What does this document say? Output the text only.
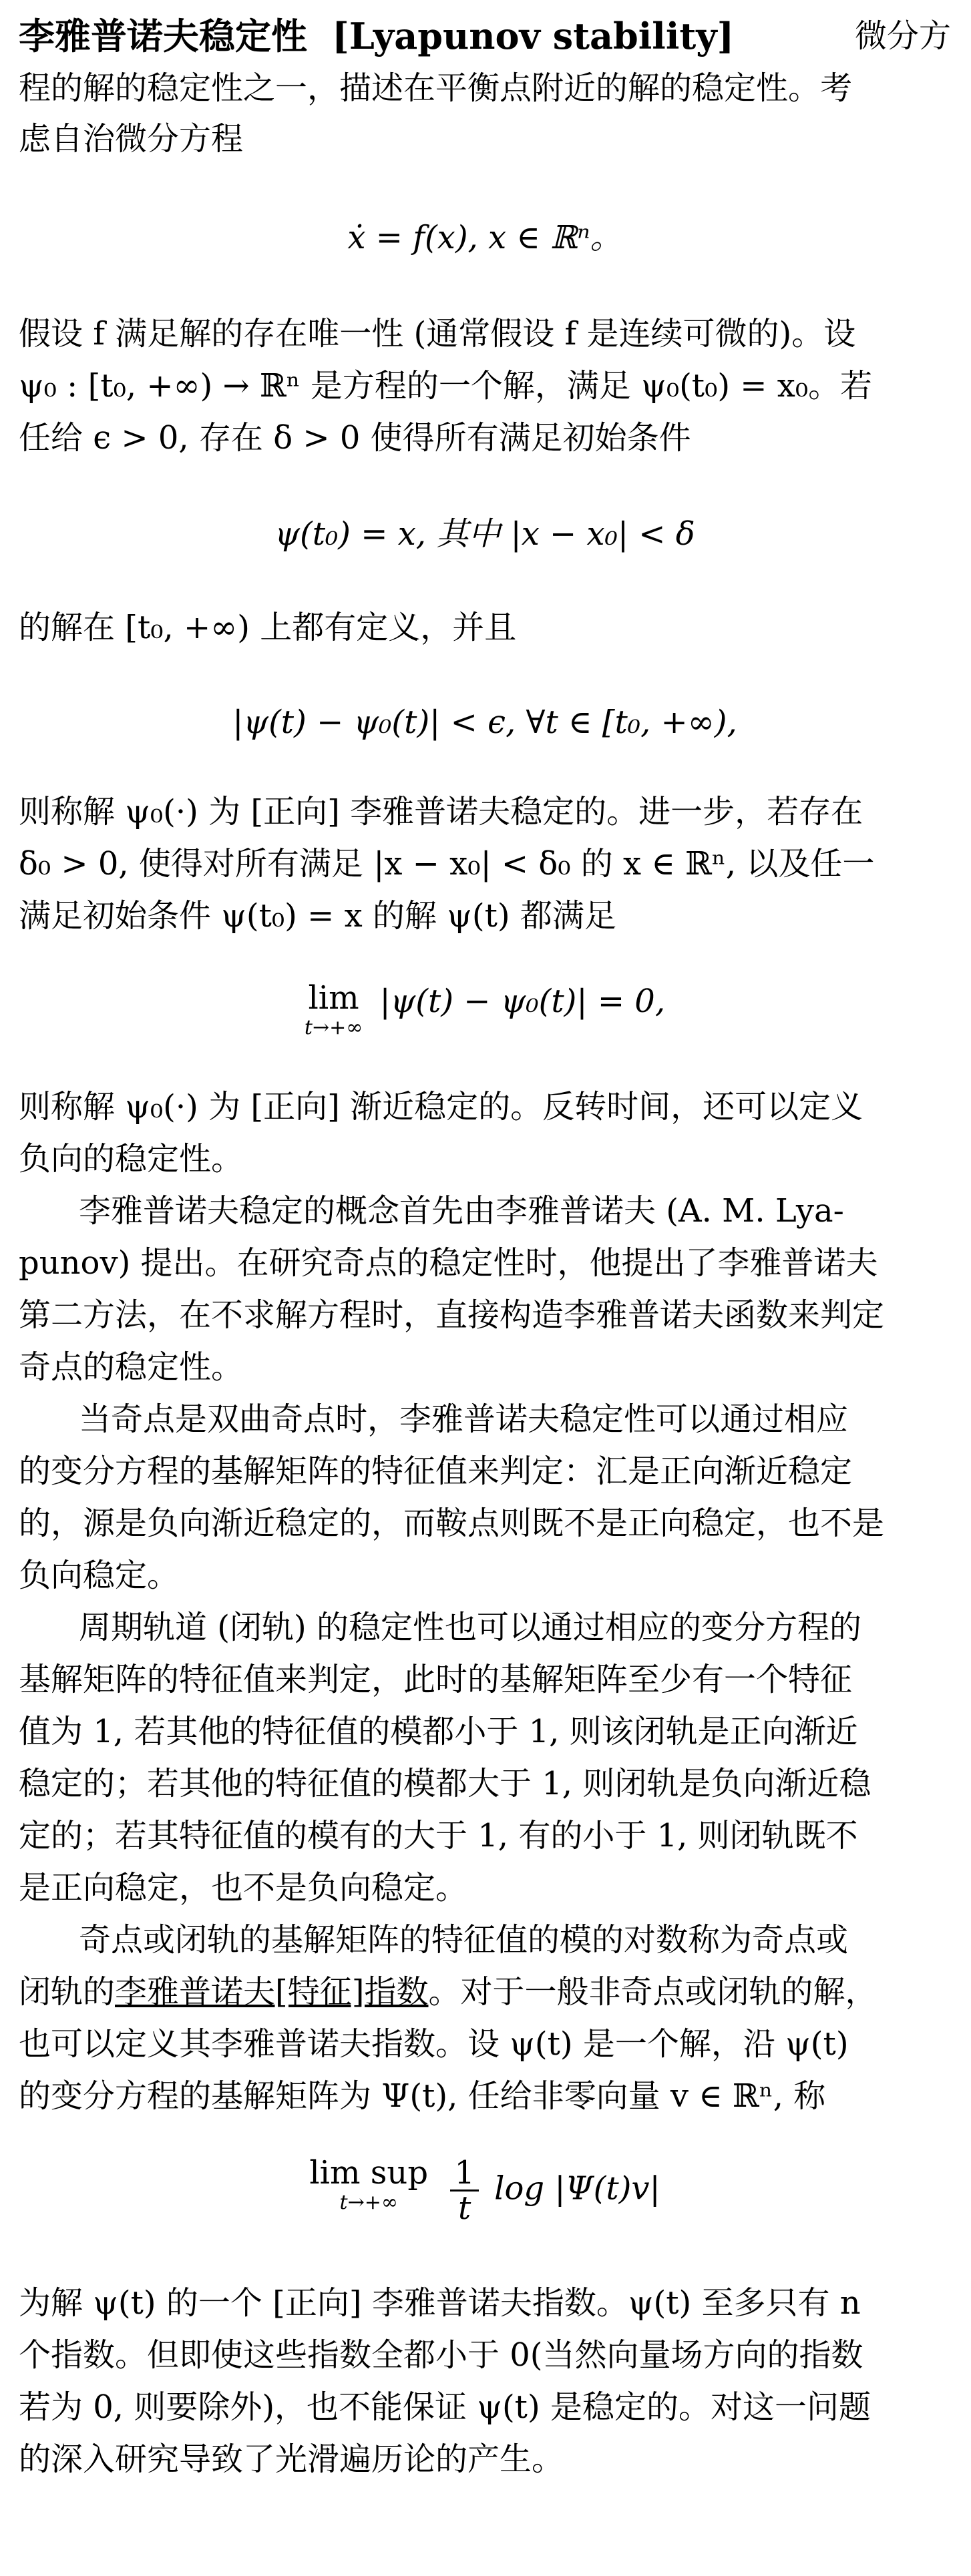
李雅普诺夫稳定性 [Lyapunov stability]	微分方
程的解的稳定性之一，描述在平衡点附近的解的稳定性。考
虑自治微分方程
ẋ = f(x), x ∈ ℝⁿ。
假设 f 满足解的存在唯一性 (通常假设 f 是连续可微的)。设
ψ₀ : [t₀, +∞) → ℝⁿ 是方程的一个解，满足 ψ₀(t₀) = x₀。若
任给 ϵ > 0, 存在 δ > 0 使得所有满足初始条件
ψ(t₀) = x, 其中 |x − x₀| < δ
的解在 [t₀, +∞) 上都有定义，并且
|ψ(t) − ψ₀(t)| < ϵ, ∀t ∈ [t₀, +∞),
则称解 ψ₀(·) 为 [正向] 李雅普诺夫稳定的。进一步，若存在
δ₀ > 0, 使得对所有满足 |x − x₀| < δ₀ 的 x ∈ ℝⁿ, 以及任一
满足初始条件 ψ(t₀) = x 的解 ψ(t) 都满足
lim
t→+∞
|ψ(t) − ψ₀(t)| = 0,
则称解 ψ₀(·) 为 [正向] 渐近稳定的。反转时间，还可以定义
负向的稳定性。
李雅普诺夫稳定的概念首先由李雅普诺夫 (A. M. Lya-
punov) 提出。在研究奇点的稳定性时，他提出了李雅普诺夫
第二方法，在不求解方程时，直接构造李雅普诺夫函数来判定
奇点的稳定性。
当奇点是双曲奇点时，李雅普诺夫稳定性可以通过相应
的变分方程的基解矩阵的特征值来判定：汇是正向渐近稳定
的，源是负向渐近稳定的，而鞍点则既不是正向稳定，也不是
负向稳定。
周期轨道 (闭轨) 的稳定性也可以通过相应的变分方程的
基解矩阵的特征值来判定，此时的基解矩阵至少有一个特征
值为 1, 若其他的特征值的模都小于 1, 则该闭轨是正向渐近
稳定的；若其他的特征值的模都大于 1, 则闭轨是负向渐近稳
定的；若其特征值的模有的大于 1, 有的小于 1, 则闭轨既不
是正向稳定，也不是负向稳定。
奇点或闭轨的基解矩阵的特征值的模的对数称为奇点或
闭轨的李雅普诺夫[特征]指数。对于一般非奇点或闭轨的解，
也可以定义其李雅普诺夫指数。设 ψ(t) 是一个解，沿 ψ(t)
的变分方程的基解矩阵为 Ψ(t), 任给非零向量 v ∈ ℝⁿ, 称
lim sup
t→+∞
$\frac{1}{t}$ log |Ψ(t)v|
为解 ψ(t) 的一个 [正向] 李雅普诺夫指数。ψ(t) 至多只有 n
个指数。但即使这些指数全都小于 0(当然向量场方向的指数
若为 0, 则要除外)，也不能保证 ψ(t) 是稳定的。对这一问题
的深入研究导致了光滑遍历论的产生。
